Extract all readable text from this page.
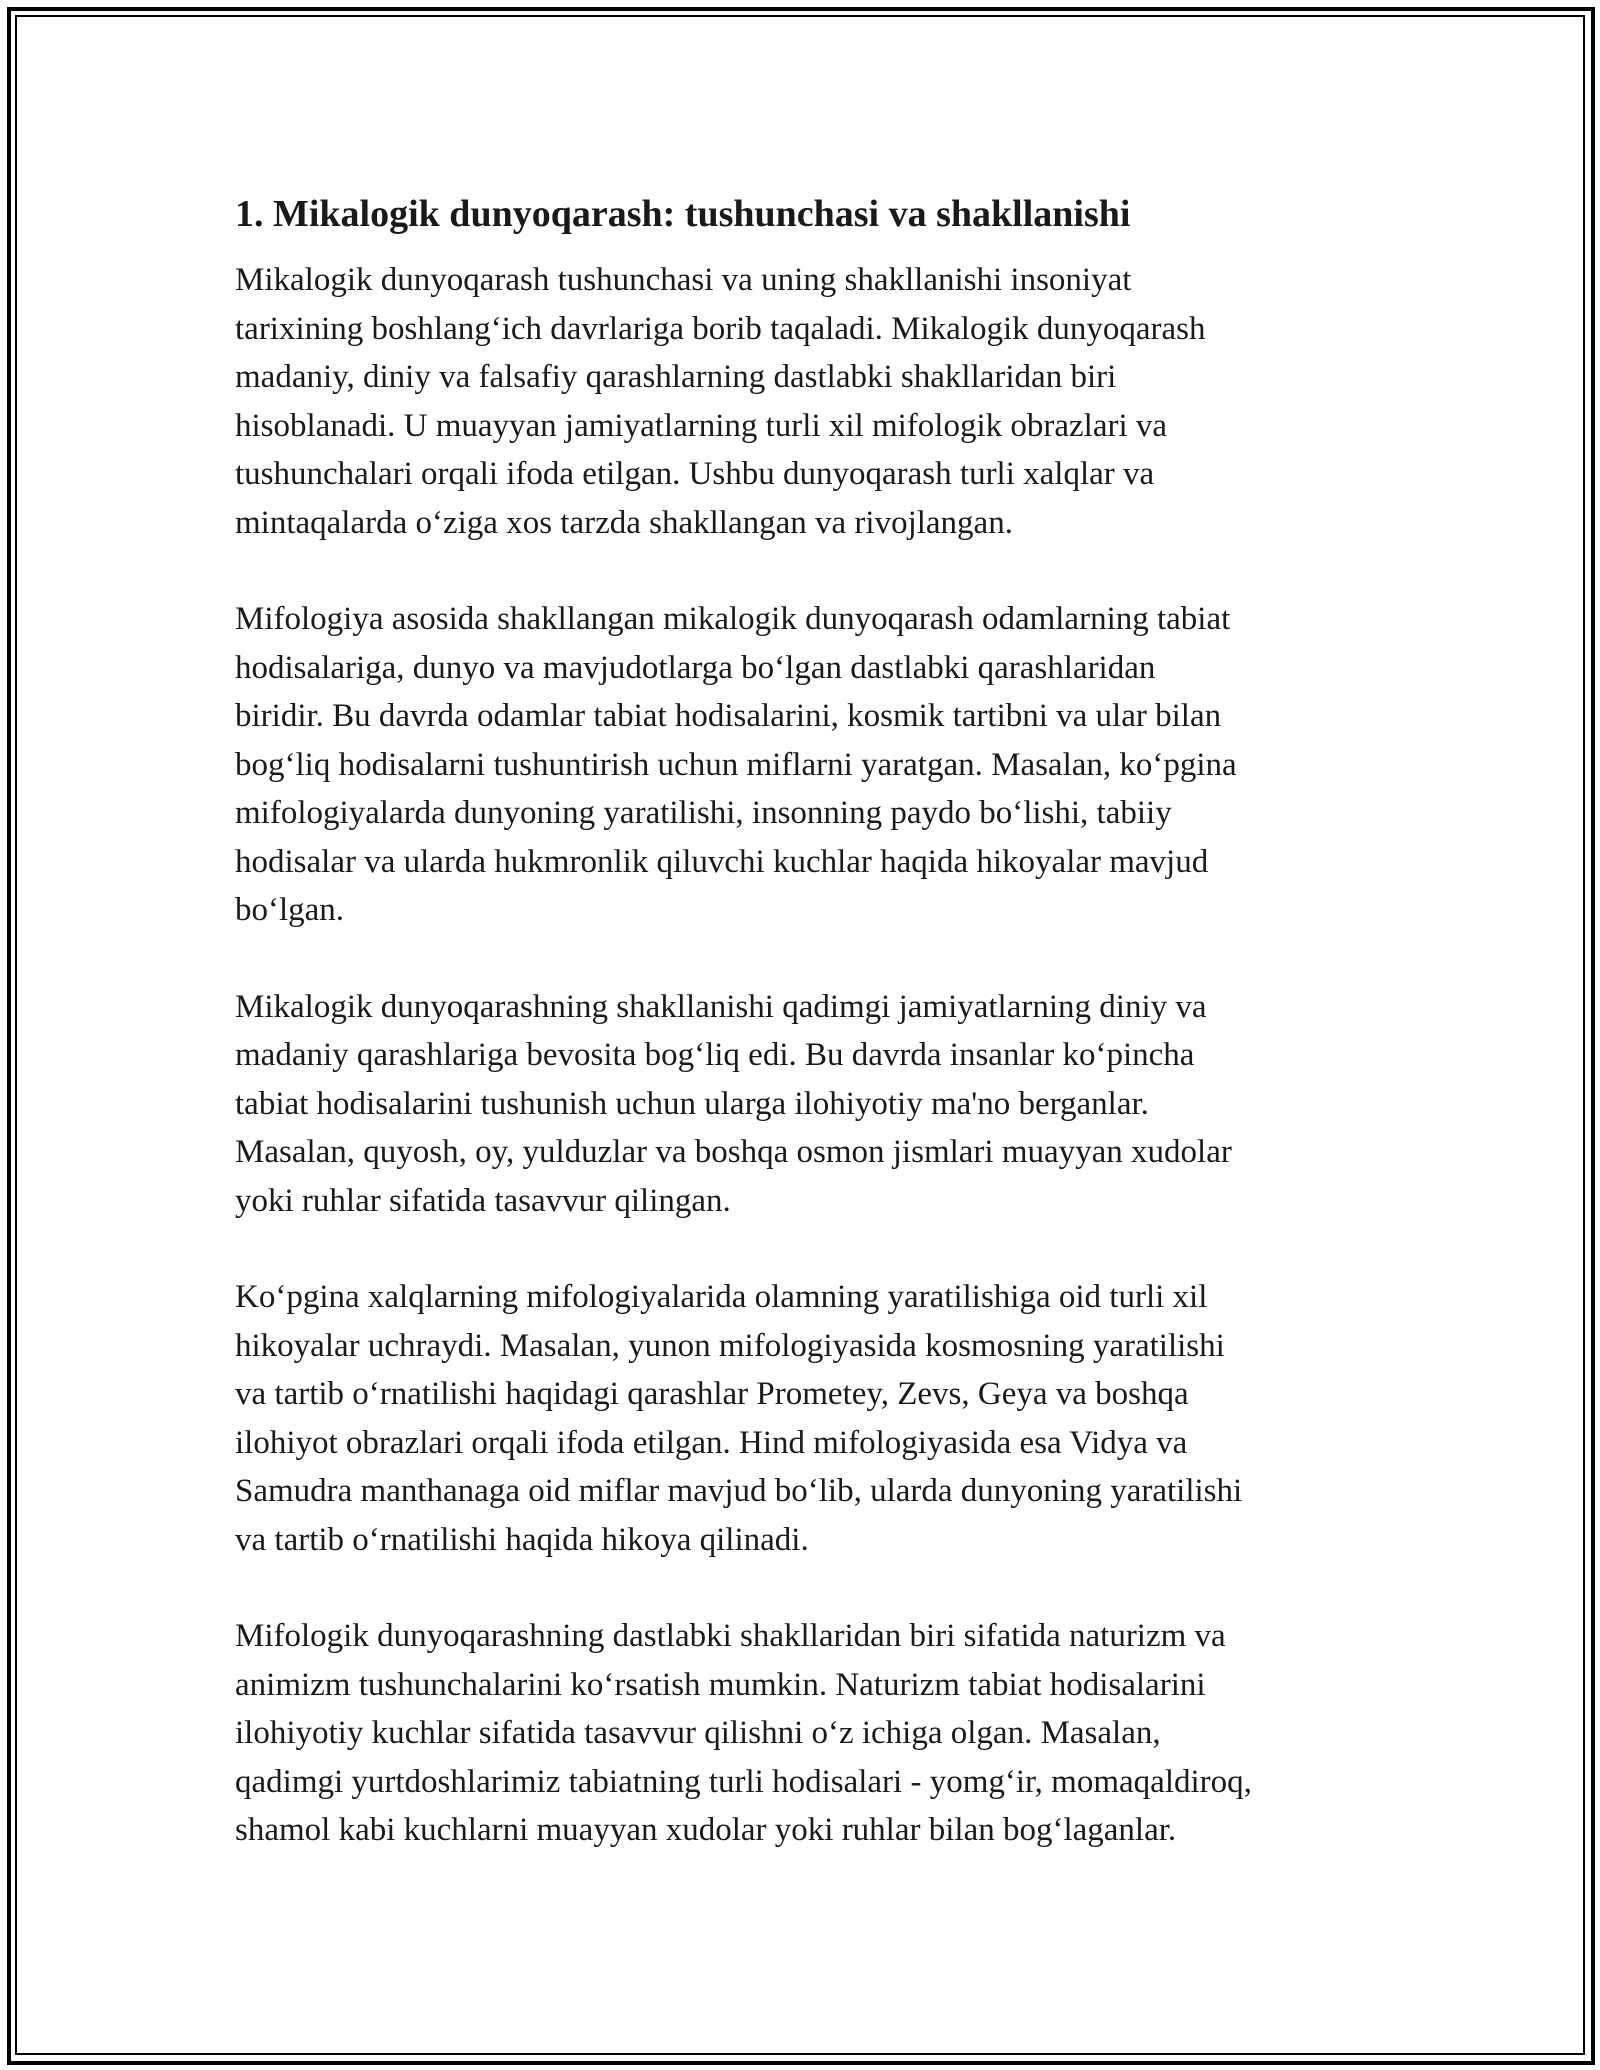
1. Mikalogik dunyoqarash: tushunchasi va shakllanishi

Mikalogik dunyoqarash tushunchasi va uning shakllanishi insoniyat
tarixining boshlang‘ich davrlariga borib taqaladi. Mikalogik dunyoqarash
madaniy, diniy va falsafiy qarashlarning dastlabki shakllaridan biri
hisoblanadi. U muayyan jamiyatlarning turli xil mifologik obrazlari va
tushunchalari orqali ifoda etilgan. Ushbu dunyoqarash turli xalqlar va
mintaqalarda o‘ziga xos tarzda shakllangan va rivojlangan.

Mifologiya asosida shakllangan mikalogik dunyoqarash odamlarning tabiat
hodisalariga, dunyo va mavjudotlarga bo‘lgan dastlabki qarashlaridan
biridir. Bu davrda odamlar tabiat hodisalarini, kosmik tartibni va ular bilan
bog‘liq hodisalarni tushuntirish uchun miflarni yaratgan. Masalan, ko‘pgina
mifologiyalarda dunyoning yaratilishi, insonning paydo bo‘lishi, tabiiy
hodisalar va ularda hukmronlik qiluvchi kuchlar haqida hikoyalar mavjud
bo‘lgan.

Mikalogik dunyoqarashning shakllanishi qadimgi jamiyatlarning diniy va
madaniy qarashlariga bevosita bog‘liq edi. Bu davrda insanlar ko‘pincha
tabiat hodisalarini tushunish uchun ularga ilohiyotiy ma'no berganlar.
Masalan, quyosh, oy, yulduzlar va boshqa osmon jismlari muayyan xudolar
yoki ruhlar sifatida tasavvur qilingan.

Ko‘pgina xalqlarning mifologiyalarida olamning yaratilishiga oid turli xil
hikoyalar uchraydi. Masalan, yunon mifologiyasida kosmosning yaratilishi
va tartib o‘rnatilishi haqidagi qarashlar Prometey, Zevs, Geya va boshqa
ilohiyot obrazlari orqali ifoda etilgan. Hind mifologiyasida esa Vidya va
Samudra manthanaga oid miflar mavjud bo‘lib, ularda dunyoning yaratilishi
va tartib o‘rnatilishi haqida hikoya qilinadi.

Mifologik dunyoqarashning dastlabki shakllaridan biri sifatida naturizm va
animizm tushunchalarini ko‘rsatish mumkin. Naturizm tabiat hodisalarini
ilohiyotiy kuchlar sifatida tasavvur qilishni o‘z ichiga olgan. Masalan,
qadimgi yurtdoshlarimiz tabiatning turli hodisalari - yomg‘ir, momaqaldiroq,
shamol kabi kuchlarni muayyan xudolar yoki ruhlar bilan bog‘laganlar.
